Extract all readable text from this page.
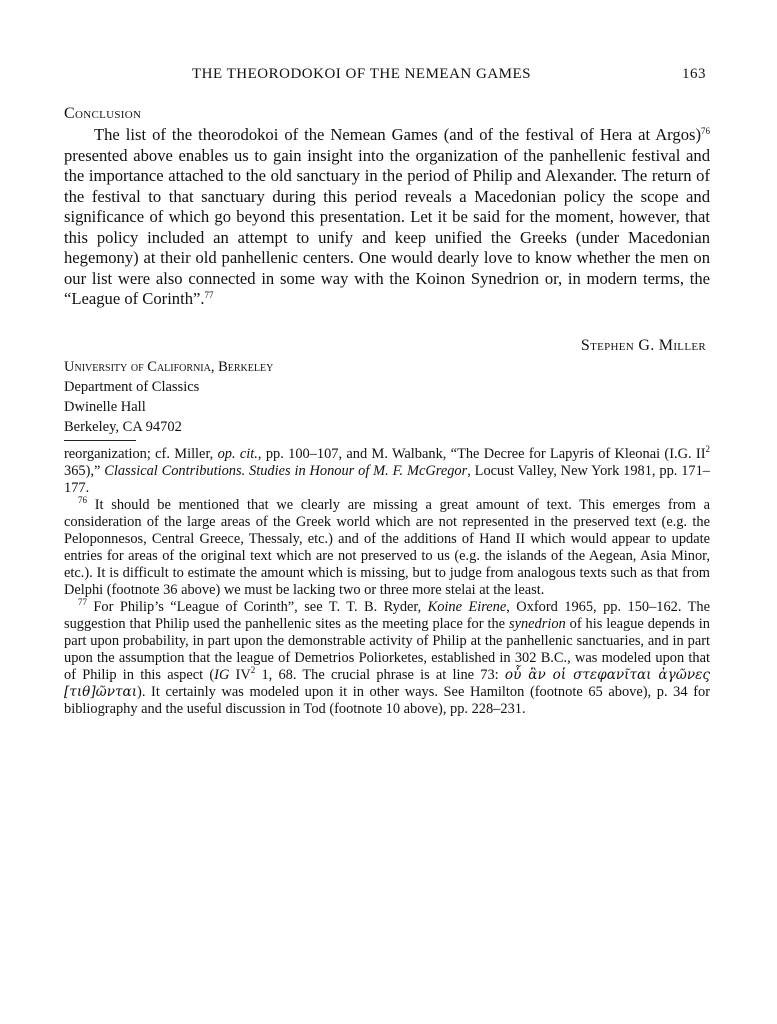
THE THEORODOKOI OF THE NEMEAN GAMES	163
Conclusion

The list of the theorodokoi of the Nemean Games (and of the festival of Hera at Argos)$^{76}$ presented above enables us to gain insight into the organization of the panhellenic festival and the importance attached to the old sanctuary in the period of Philip and Alexander. The return of the festival to that sanctuary during this period reveals a Macedonian policy the scope and significance of which go beyond this presentation. Let it be said for the moment, however, that this policy included an attempt to unify and keep unified the Greeks (under Macedonian hegemony) at their old panhellenic centers. One would dearly love to know whether the men on our list were also connected in some way with the Koinon Synedrion or, in modern terms, the “League of Corinth”.$^{77}$

Stephen G. Miller
University of California, Berkeley
Department of Classics
Dwinelle Hall
Berkeley, CA 94702

reorganization; cf. Miller, op. cit., pp. 100–107, and M. Walbank, “The Decree for Lapyris of Kleonai (I.G. $II^2$ 365),” Classical Contributions. Studies in Honour of M. F. McGregor, Locust Valley, New York 1981, pp. 171–177.

$^{76}$ It should be mentioned that we clearly are missing a great amount of text. This emerges from a consideration of the large areas of the Greek world which are not represented in the preserved text (e.g. the Peloponnesos, Central Greece, Thessaly, etc.) and of the additions of Hand II which would appear to update entries for areas of the original text which are not preserved to us (e.g. the islands of the Aegean, Asia Minor, etc.). It is difficult to estimate the amount which is missing, but to judge from analogous texts such as that from Delphi (footnote 36 above) we must be lacking two or three more stelai at the least.

$^{77}$ For Philip’s “League of Corinth”, see T. T. B. Ryder, Koine Eirene, Oxford 1965, pp. 150–162. The suggestion that Philip used the panhellenic sites as the meeting place for the synedrion of his league depends in part upon probability, in part upon the demonstrable activity of Philip at the panhellenic sanctuaries, and in part upon the assumption that the league of Demetrios Poliorketes, established in 302 B.C., was modeled upon that of Philip in this aspect (IG $IV^2$ 1, 68. The crucial phrase is at line 73: οὗ ἂν οἱ στεφανῖται ἀγῶνες [τιθ]ῶνται). It certainly was modeled upon it in other ways. See Hamilton (footnote 65 above), p. 34 for bibliography and the useful discussion in Tod (footnote 10 above), pp. 228–231.
